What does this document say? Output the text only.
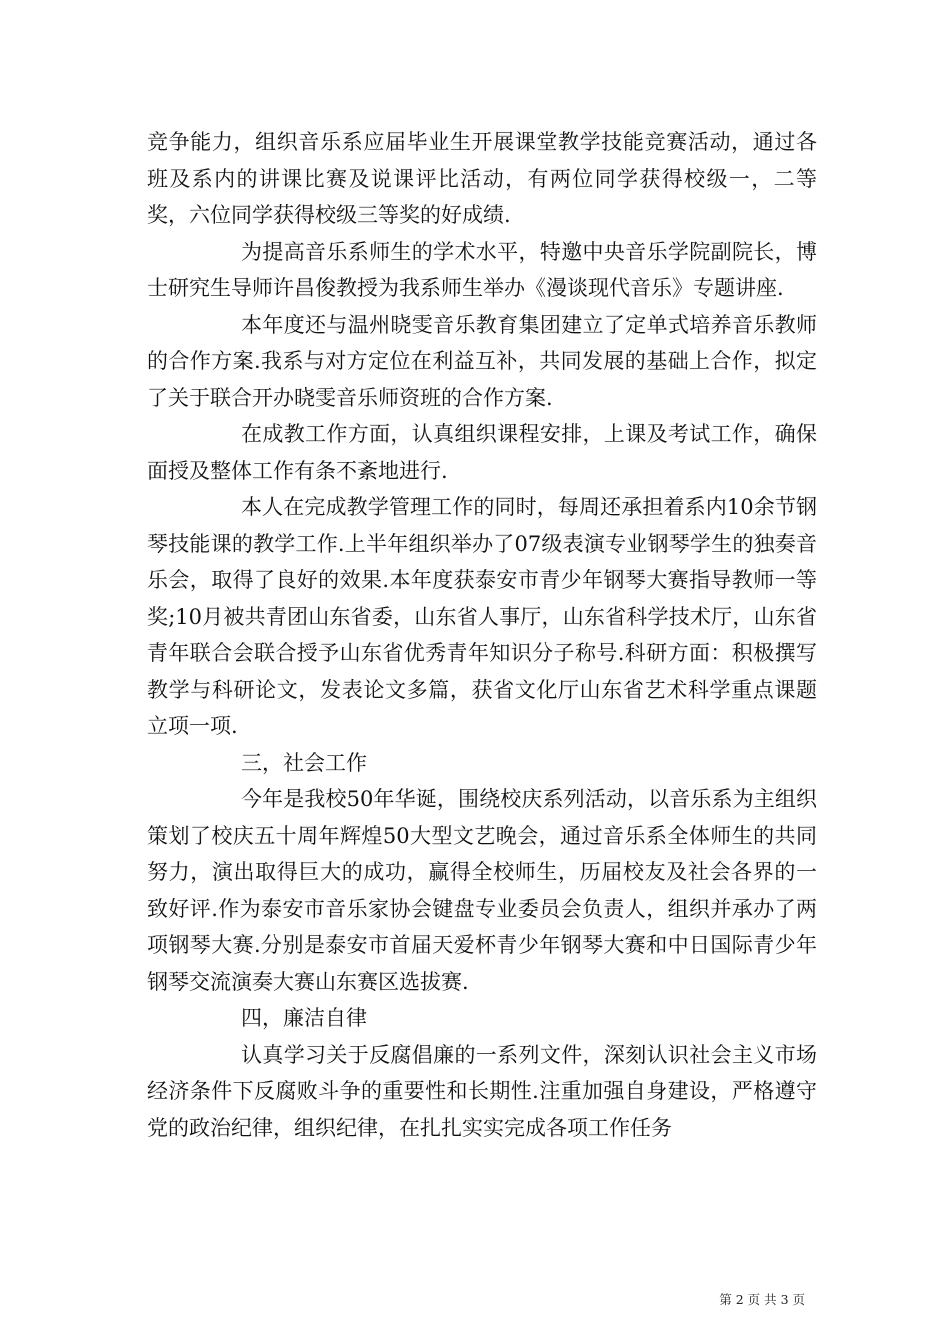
竞争能力，组织音乐系应届毕业生开展课堂教学技能竞赛活动，通过各班及系内的讲课比赛及说课评比活动，有两位同学获得校级一，二等奖，六位同学获得校级三等奖的好成绩.

为提高音乐系师生的学术水平，特邀中央音乐学院副院长，博士研究生导师许昌俊教授为我系师生举办《漫谈现代音乐》专题讲座.

本年度还与温州晓雯音乐教育集团建立了定单式培养音乐教师的合作方案.我系与对方定位在利益互补，共同发展的基础上合作，拟定了关于联合开办晓雯音乐师资班的合作方案.

在成教工作方面，认真组织课程安排，上课及考试工作，确保面授及整体工作有条不紊地进行.

本人在完成教学管理工作的同时，每周还承担着系内10余节钢琴技能课的教学工作.上半年组织举办了07级表演专业钢琴学生的独奏音乐会，取得了良好的效果.本年度获泰安市青少年钢琴大赛指导教师一等奖;10月被共青团山东省委，山东省人事厅，山东省科学技术厅，山东省青年联合会联合授予山东省优秀青年知识分子称号.科研方面：积极撰写教学与科研论文，发表论文多篇，获省文化厅山东省艺术科学重点课题立项一项.

三，社会工作

今年是我校50年华诞，围绕校庆系列活动，以音乐系为主组织策划了校庆五十周年辉煌50大型文艺晚会，通过音乐系全体师生的共同努力，演出取得巨大的成功，赢得全校师生，历届校友及社会各界的一致好评.作为泰安市音乐家协会键盘专业委员会负责人，组织并承办了两项钢琴大赛.分别是泰安市首届天爱杯青少年钢琴大赛和中日国际青少年钢琴交流演奏大赛山东赛区选拔赛.

四，廉洁自律

认真学习关于反腐倡廉的一系列文件，深刻认识社会主义市场经济条件下反腐败斗争的重要性和长期性.注重加强自身建设，严格遵守党的政治纪律，组织纪律，在扎扎实实完成各项工作任务

第 2 页 共 3 页
